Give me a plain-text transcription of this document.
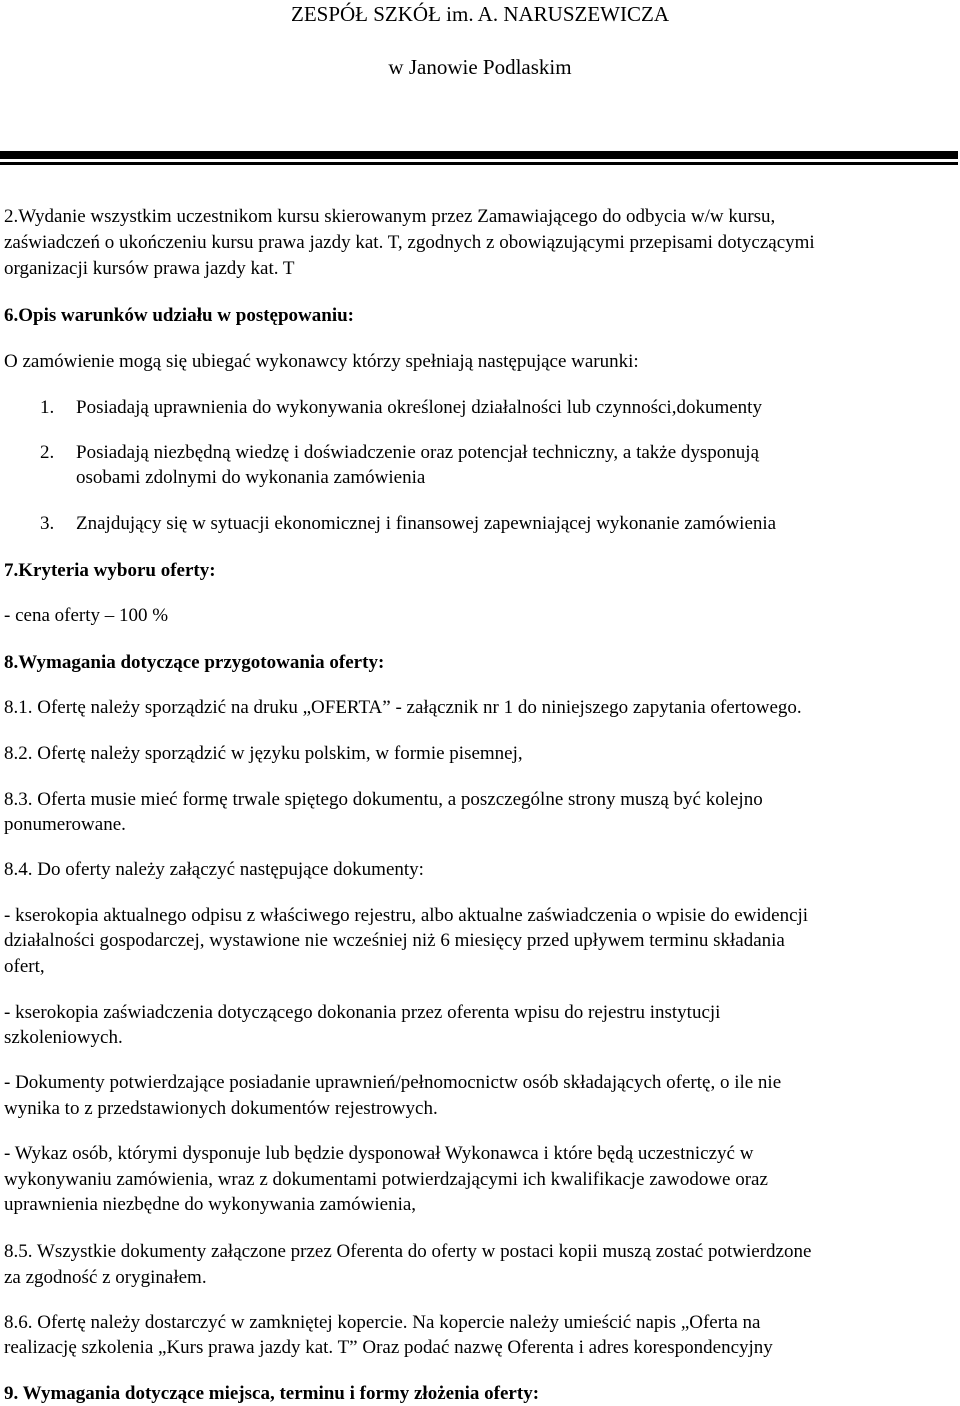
ZESPÓŁ SZKÓŁ im. A. NARUSZEWICZA

w Janowie Podlaskim

2.Wydanie wszystkim uczestnikom kursu skierowanym przez Zamawiającego do odbycia w/w kursu,

zaświadczeń o ukończeniu kursu prawa jazdy kat. T, zgodnych z obowiązującymi przepisami dotyczącymi

organizacji kursów prawa jazdy kat. T

6.Opis warunków udziału w postępowaniu:

O zamówienie mogą się ubiegać wykonawcy którzy spełniają następujące warunki:

1.	Posiadają uprawnienia do wykonywania określonej działalności lub czynności,dokumenty

2.	Posiadają niezbędną wiedzę i doświadczenie oraz potencjał techniczny, a także dysponują

osobami zdolnymi do wykonania zamówienia

3.	Znajdujący się w sytuacji ekonomicznej i finansowej zapewniającej wykonanie zamówienia

7.Kryteria wyboru oferty:

- cena oferty – 100 %

8.Wymagania dotyczące przygotowania oferty:

8.1. Ofertę należy sporządzić na druku „OFERTA” - załącznik nr 1 do niniejszego zapytania ofertowego.

8.2. Ofertę należy sporządzić w języku polskim, w formie pisemnej,

8.3. Oferta musie mieć formę trwale spiętego dokumentu, a poszczególne strony muszą być kolejno

ponumerowane.

8.4. Do oferty należy załączyć następujące dokumenty:

- kserokopia aktualnego odpisu z właściwego rejestru, albo aktualne zaświadczenia o wpisie do ewidencji

działalności gospodarczej, wystawione nie wcześniej niż 6 miesięcy przed upływem terminu składania

ofert,

- kserokopia zaświadczenia dotyczącego dokonania przez oferenta wpisu do rejestru instytucji

szkoleniowych.

- Dokumenty potwierdzające posiadanie uprawnień/pełnomocnictw osób składających ofertę, o ile nie

wynika to z przedstawionych dokumentów rejestrowych.

- Wykaz osób, którymi dysponuje lub będzie dysponował Wykonawca i które będą uczestniczyć w

wykonywaniu zamówienia, wraz z dokumentami potwierdzającymi ich kwalifikacje zawodowe oraz

uprawnienia niezbędne do wykonywania zamówienia,

8.5. Wszystkie dokumenty załączone przez Oferenta do oferty w postaci kopii muszą zostać potwierdzone

za zgodność z oryginałem.

8.6. Ofertę należy dostarczyć w zamkniętej kopercie. Na kopercie należy umieścić napis „Oferta na

realizację szkolenia „Kurs prawa jazdy kat. T” Oraz podać nazwę Oferenta i adres korespondencyjny

9. Wymagania dotyczące miejsca, terminu i formy złożenia oferty:
